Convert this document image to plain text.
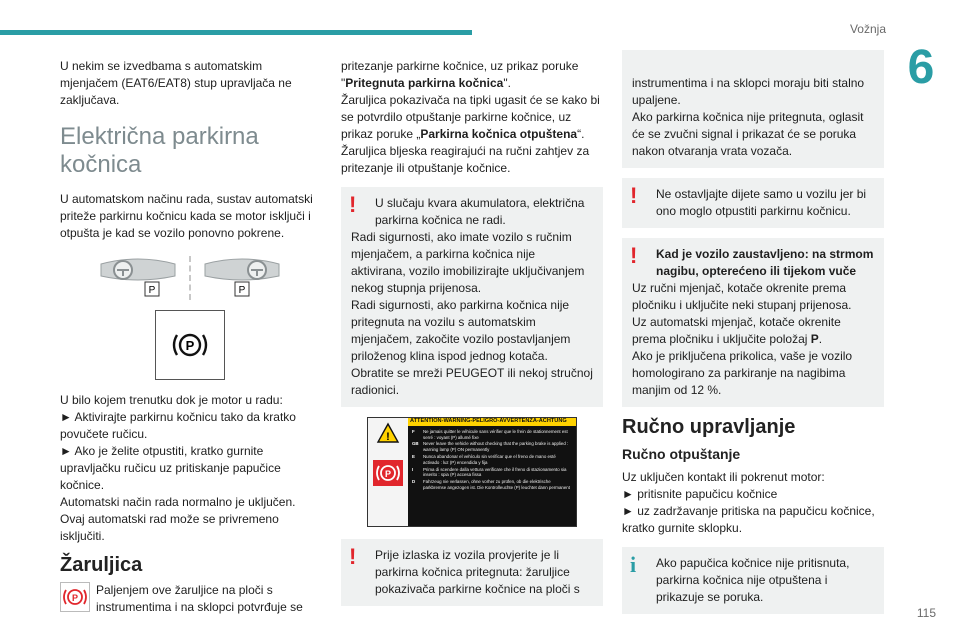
Vožnja
6

U nekim se izvedbama s automatskim mjenjačem (EAT6/EAT8) stup upravljača ne zaključava.

Električna parkirna kočnica

U automatskom načinu rada, sustav automatski priteže parkirnu kočnicu kada se motor isključi i otpušta je kad se vozilo ponovno pokrene.

P	P
P

U bilo kojem trenutku dok je motor u radu:

► Aktivirajte parkirnu kočnicu tako da kratko povučete ručicu.

► Ako je želite otpustiti, kratko gurnite upravljačku ručicu uz pritiskanje papučice kočnice.

Automatski način rada normalno je uključen.

Ovaj automatski rad može se privremeno isključiti.

Žaruljica
P

Paljenjem ove žaruljice na ploči s instrumentima i na sklopci potvrđuje se

pritezanje parkirne kočnice, uz prikaz poruke "Pritegnuta parkirna kočnica".

Žaruljica pokazivača na tipki ugasit će se kako bi se potvrdilo otpuštanje parkirne kočnice, uz prikaz poruke „Parkirna kočnica otpuštena“.

Žaruljica bljeska reagirajući na ručni zahtjev za pritezanje ili otpuštanje kočnice.

!	U slučaju kvara akumulatora, električna parkirna kočnica ne radi.

Radi sigurnosti, ako imate vozilo s ručnim mjenjačem, a parkirna kočnica nije aktivirana, vozilo imobilizirajte uključivanjem nekog stupnja prijenosa.

Radi sigurnosti, ako parkirna kočnica nije pritegnuta na vozilu s automatskim mjenjačem, zakočite vozilo postavljanjem priloženog klina ispod jednog kotača.

Obratite se mreži PEUGEOT ili nekoj stručnoj radionici.

!
P
ATTENTION-WARNING-PELIGRO-AVVERTENZA-ACHTUNG
F	Ne jamais quitter le véhicule sans vérifier que le frein de stationnement est serré : voyant (P) allumé fixe
GB	Never leave the vehicle without checking that the parking brake is applied : warning lamp (P) ON permanently
E	Nunca abandonar el vehículo sin verificar que el freno de mano esté activado : luz (P) encendida y fija
I	Prima di scendere dalla vettura verificare che il freno di stazionamento sia inserito : spia (P) accesa fissa
D	Fahrzeug nie verlassen, ohne vorher zu prüfen, ob die elektrische parkbremse angezogen ist. Die Kontrolleuchte (P) leuchtet dann permanent
!	Prije izlaska iz vozila provjerite je li parkirna kočnica pritegnuta: žaruljice pokazivača parkirne kočnice na ploči s

instrumentima i na sklopci moraju biti stalno upaljene.
Ako parkirna kočnica nije pritegnuta, oglasit će se zvučni signal i prikazat će se poruka nakon otvaranja vrata vozača.

!	Ne ostavljajte dijete samo u vozilu jer bi ono moglo otpustiti parkirnu kočnicu.
!	Kad je vozilo zaustavljeno: na strmom nagibu, opterećeno ili tijekom vuče

Uz ručni mjenjač, kotače okrenite prema pločniku i uključite neki stupanj prijenosa.

Uz automatski mjenjač, kotače okrenite prema pločniku i uključite položaj P.

Ako je priključena prikolica, vaše je vozilo homologirano za parkiranje na nagibima manjim od 12 %.

Ručno upravljanje
Ručno otpuštanje

Uz uključen kontakt ili pokrenut motor:

► pritisnite papučicu kočnice

► uz zadržavanje pritiska na papučicu kočnice, kratko gurnite sklopku.

i	Ako papučica kočnice nije pritisnuta, parkirna kočnica nije otpuštena i prikazuje se poruka.
115
